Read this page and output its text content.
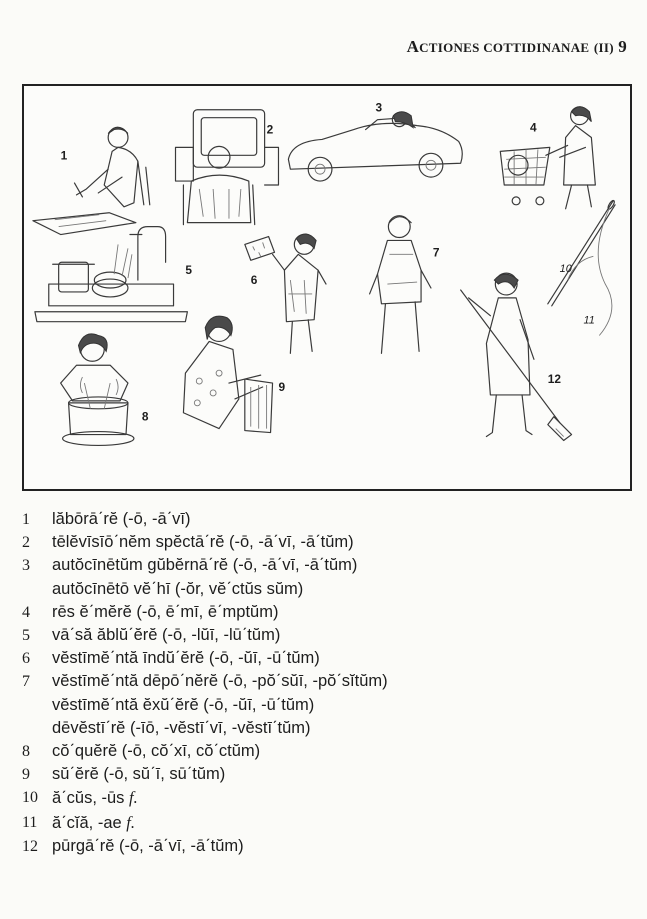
ACTIONES COTTIDINANAE (II) 9
1
2
3
4
5
6
7
8
9
10
11
12
1	lăbōrāˊrĕ (-ō, -āˊvī)
2	tēlĕvīsīōˊnĕm spĕctāˊrĕ (-ō, -āˊvī, -āˊtŭm)
3	autŏcīnētŭm gŭbĕrnāˊrĕ (-ō, -āˊvī, -āˊtŭm)
autŏcīnētō vĕˊhī (-ŏr, vĕˊctŭs sŭm)
4	rēs ĕˊmĕrĕ (-ō, ēˊmī, ēˊmptŭm)
5	vāˊsă ăblŭˊĕrĕ (-ō, -lŭī, -lūˊtŭm)
6	vĕstīmĕˊntă īndŭˊĕrĕ (-ō, -ŭī, -ūˊtŭm)
7	vĕstīmĕˊntă dēpōˊnĕrĕ (-ō, -pŏˊsŭī, -pŏˊsĭtŭm)
vĕstīmĕˊntă ĕxŭˊĕrĕ (-ō, -ŭī, -ūˊtŭm)
dēvĕstīˊrĕ (-īō, -vĕstīˊvī, -vĕstīˊtŭm)
8	cŏˊquĕrĕ (-ō, cŏˊxī, cŏˊctŭm)
9	sŭˊĕrĕ (-ō, sŭˊī, sūˊtŭm)
10 ăˊcŭs, -ūs f.
11 ăˊcĭă, -ae f.
12 pūrgāˊrĕ (-ō, -āˊvī, -āˊtŭm)
